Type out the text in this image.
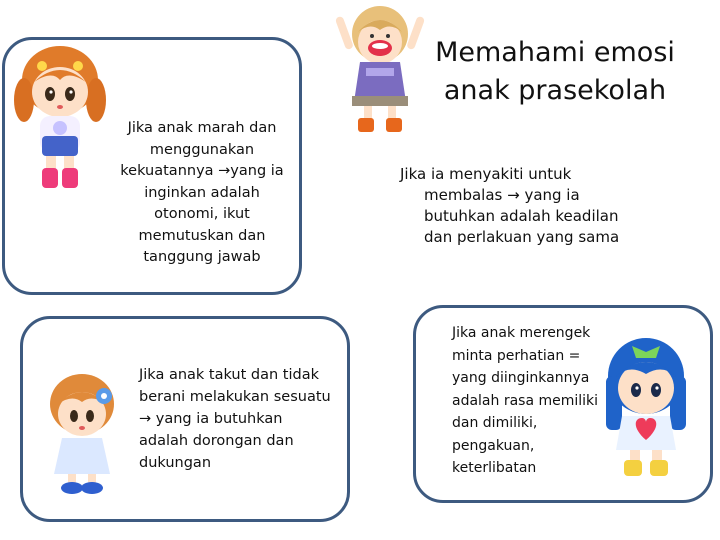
Memahami emosi
anak prasekolah
Jika anak marah dan
menggunakan
kekuatannya →yang ia
inginkan adalah
otonomi, ikut
memutuskan dan
tanggung jawab
Jika ia menyakiti untuk
membalas → yang ia
butuhkan adalah keadilan
dan perlakuan yang sama
Jika anak takut dan tidak
berani melakukan sesuatu
→ yang ia butuhkan
adalah dorongan dan
dukungan
Jika anak merengek
minta perhatian =
yang diinginkannya
adalah rasa memiliki
dan dimiliki,
pengakuan,
keterlibatan
